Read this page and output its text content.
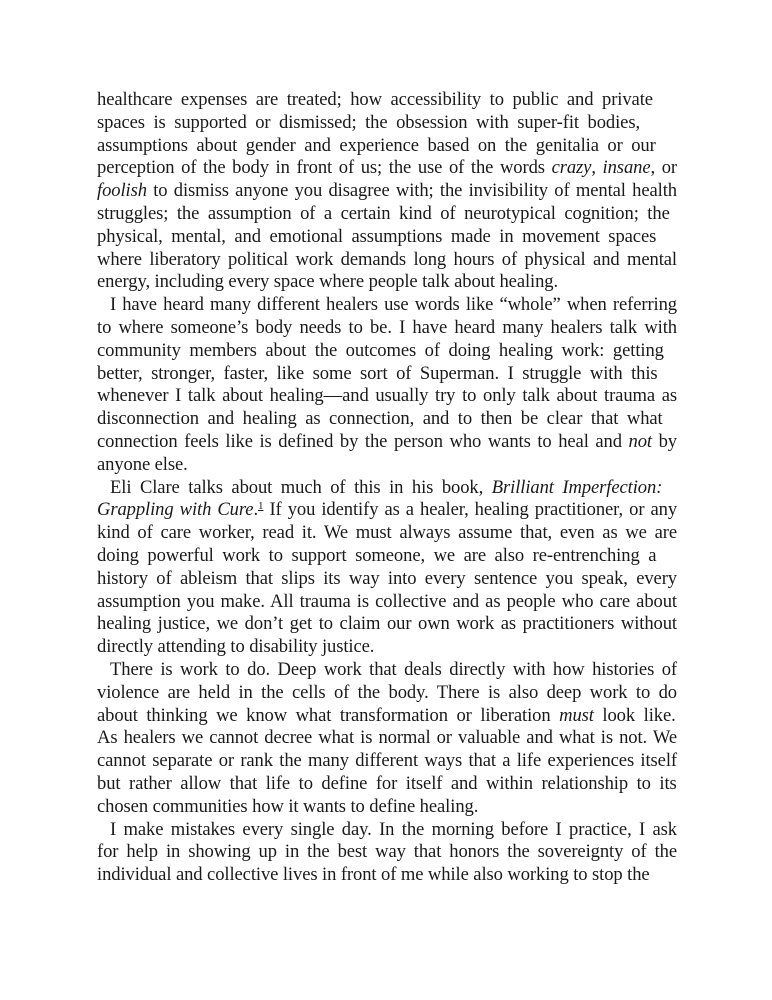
healthcare expenses are treated; how accessibility to public and private
spaces is supported or dismissed; the obsession with super-fit bodies,
assumptions about gender and experience based on the genitalia or our
perception of the body in front of us; the use of the words crazy, insane, or
foolish to dismiss anyone you disagree with; the invisibility of mental health
struggles; the assumption of a certain kind of neurotypical cognition; the
physical, mental, and emotional assumptions made in movement spaces
where liberatory political work demands long hours of physical and mental
energy, including every space where people talk about healing.
I have heard many different healers use words like “whole” when referring
to where someone’s body needs to be. I have heard many healers talk with
community members about the outcomes of doing healing work: getting
better, stronger, faster, like some sort of Superman. I struggle with this
whenever I talk about healing—and usually try to only talk about trauma as
disconnection and healing as connection, and to then be clear that what
connection feels like is defined by the person who wants to heal and not by
anyone else.
Eli Clare talks about much of this in his book, Brilliant Imperfection:
Grappling with Cure.$^1$ If you identify as a healer, healing practitioner, or any
kind of care worker, read it. We must always assume that, even as we are
doing powerful work to support someone, we are also re-entrenching a
history of ableism that slips its way into every sentence you speak, every
assumption you make. All trauma is collective and as people who care about
healing justice, we don’t get to claim our own work as practitioners without
directly attending to disability justice.
There is work to do. Deep work that deals directly with how histories of
violence are held in the cells of the body. There is also deep work to do
about thinking we know what transformation or liberation must look like.
As healers we cannot decree what is normal or valuable and what is not. We
cannot separate or rank the many different ways that a life experiences itself
but rather allow that life to define for itself and within relationship to its
chosen communities how it wants to define healing.
I make mistakes every single day. In the morning before I practice, I ask
for help in showing up in the best way that honors the sovereignty of the
individual and collective lives in front of me while also working to stop the
